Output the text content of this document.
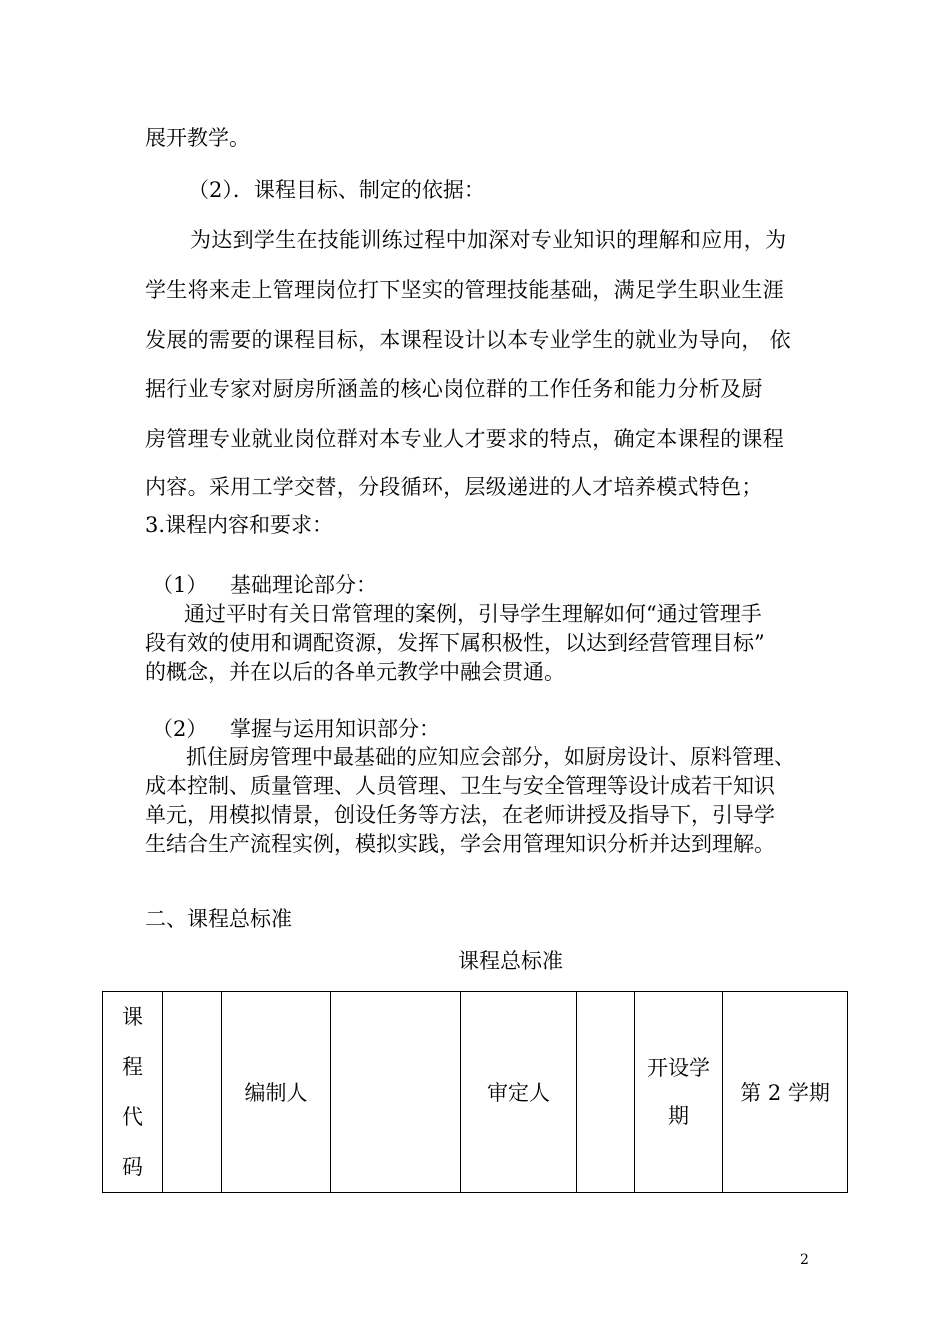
展开教学。
（2）．课程目标、制定的依据：
为达到学生在技能训练过程中加深对专业知识的理解和应用，为
学生将来走上管理岗位打下坚实的管理技能基础，满足学生职业生涯
发展的需要的课程目标，本课程设计以本专业学生的就业为导向， 依
据行业专家对厨房所涵盖的核心岗位群的工作任务和能力分析及厨
房管理专业就业岗位群对本专业人才要求的特点，确定本课程的课程
内容。采用工学交替，分段循环，层级递进的人才培养模式特色；
3.课程内容和要求：
（1） 基础理论部分：
通过平时有关日常管理的案例，引导学生理解如何“通过管理手
段有效的使用和调配资源，发挥下属积极性，以达到经营管理目标”
的概念，并在以后的各单元教学中融会贯通。
（2） 掌握与运用知识部分：
抓住厨房管理中最基础的应知应会部分，如厨房设计、原料管理、
成本控制、质量管理、人员管理、卫生与安全管理等设计成若干知识
单元，用模拟情景，创设任务等方法，在老师讲授及指导下，引导学
生结合生产流程实例，模拟实践，学会用管理知识分析并达到理解。
二、课程总标准
课程总标准
课
程
代
码		编制人		审定人		开设学
期	第 2 学期
2
